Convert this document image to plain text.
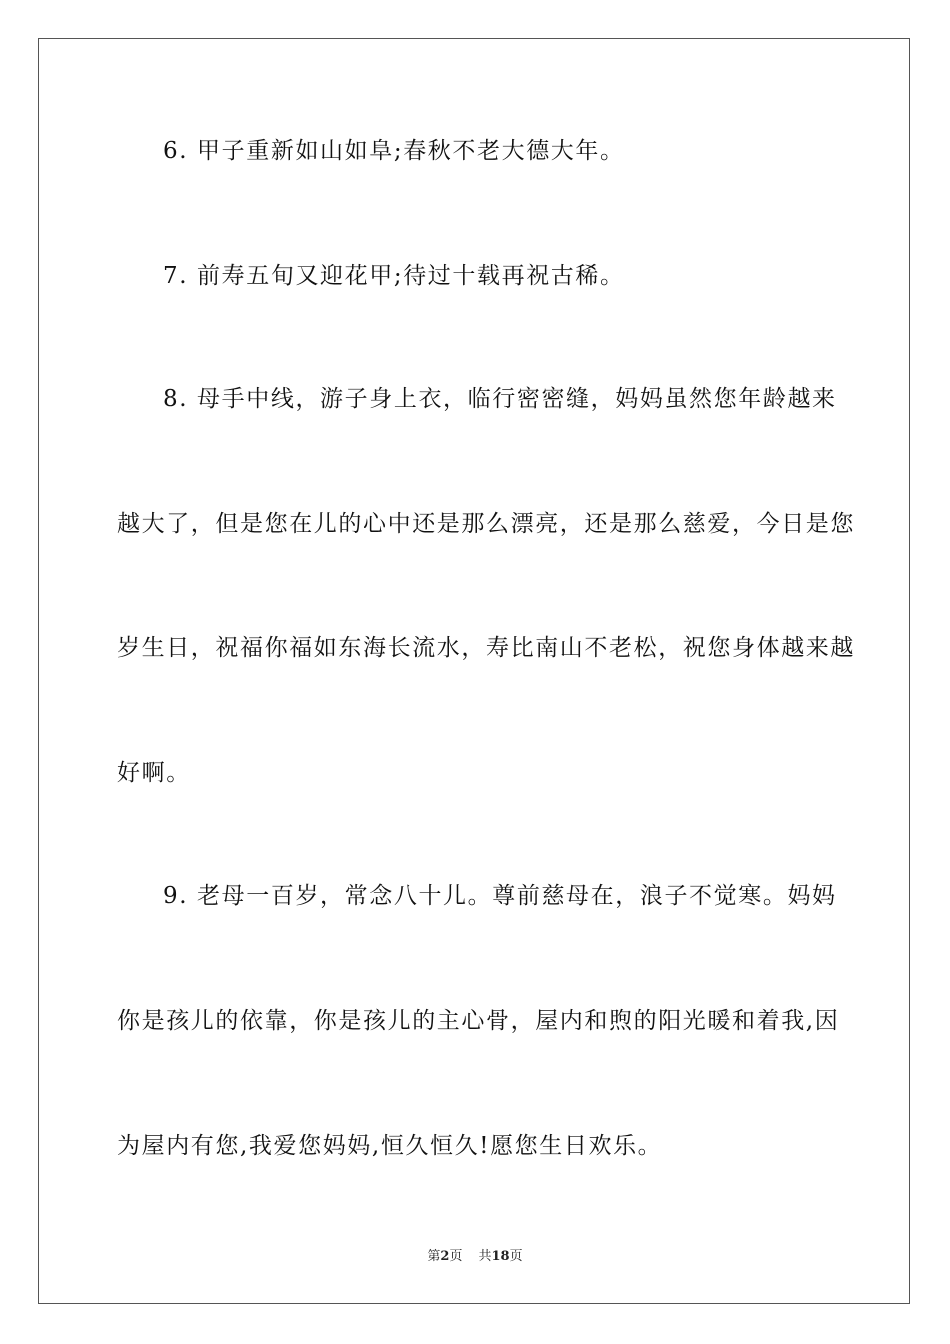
6. 甲子重新如山如阜;春秋不老大德大年。
7. 前寿五旬又迎花甲;待过十载再祝古稀。
8. 母手中线，游子身上衣，临行密密缝，妈妈虽然您年龄越来
越大了，但是您在儿的心中还是那么漂亮，还是那么慈爱，今日是您
岁生日，祝福你福如东海长流水，寿比南山不老松，祝您身体越来越
好啊。
9. 老母一百岁，常念八十儿。尊前慈母在，浪子不觉寒。妈妈
你是孩儿的依靠，你是孩儿的主心骨，屋内和煦的阳光暖和着我,因
为屋内有您,我爱您妈妈,恒久恒久!愿您生日欢乐。
第2页 共18页
